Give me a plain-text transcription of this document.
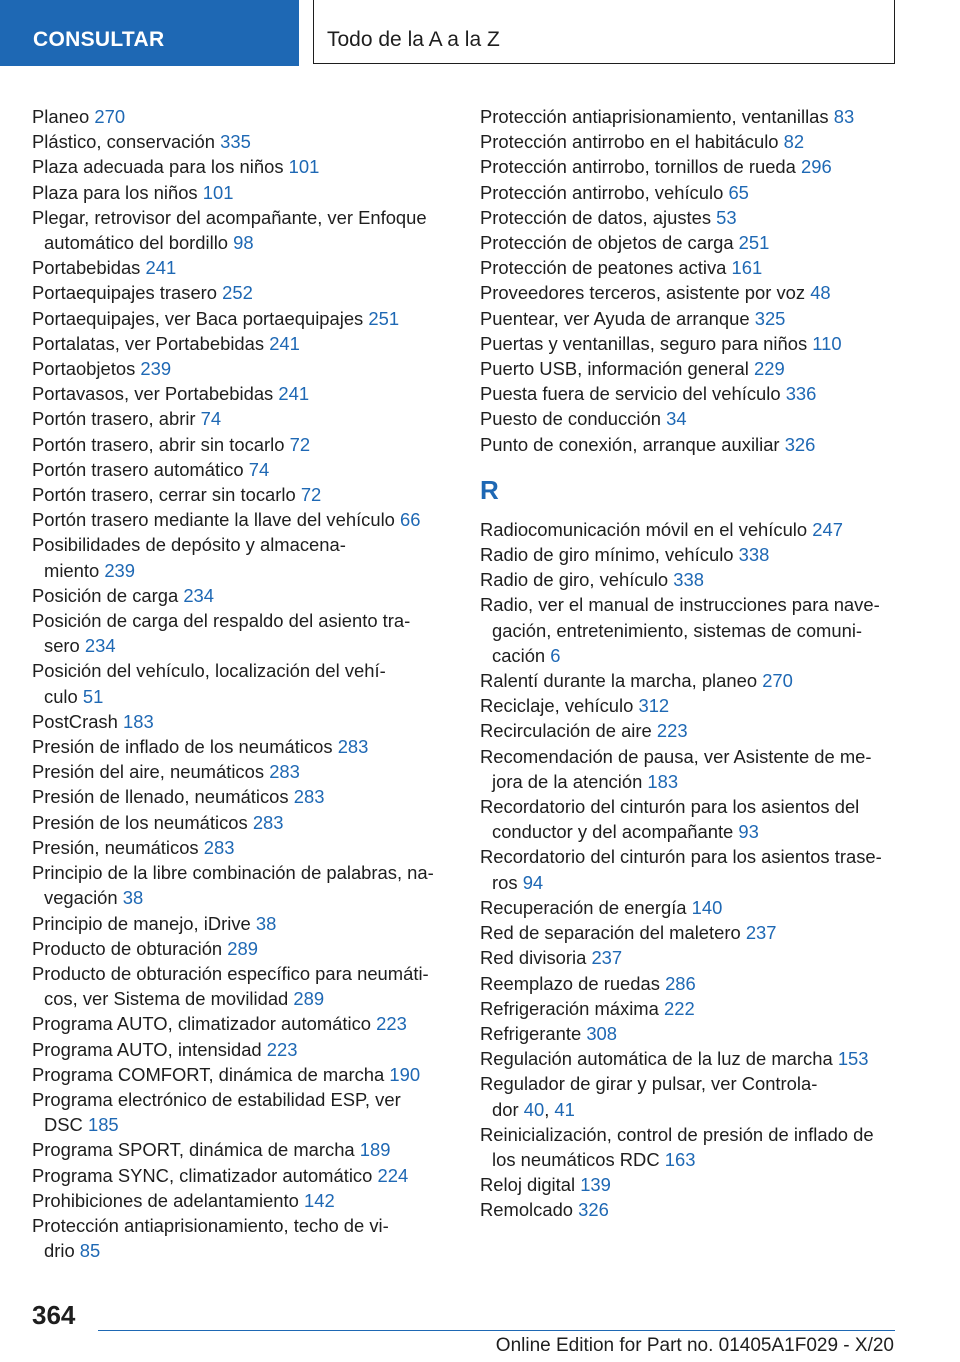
CONSULTAR	Todo de la A a la Z
Planeo 270
Plástico, conservación 335
Plaza adecuada para los niños 101
Plaza para los niños 101
Plegar, retrovisor del acompañante, ver Enfoque
automático del bordillo 98
Portabebidas 241
Portaequipajes trasero 252
Portaequipajes, ver Baca portaequipajes 251
Portalatas, ver Portabebidas 241
Portaobjetos 239
Portavasos, ver Portabebidas 241
Portón trasero, abrir 74
Portón trasero, abrir sin tocarlo 72
Portón trasero automático 74
Portón trasero, cerrar sin tocarlo 72
Portón trasero mediante la llave del vehículo 66
Posibilidades de depósito y almacena-
miento 239
Posición de carga 234
Posición de carga del respaldo del asiento tra-
sero 234
Posición del vehículo, localización del vehí-
culo 51
PostCrash 183
Presión de inflado de los neumáticos 283
Presión del aire, neumáticos 283
Presión de llenado, neumáticos 283
Presión de los neumáticos 283
Presión, neumáticos 283
Principio de la libre combinación de palabras, na-
vegación 38
Principio de manejo, iDrive 38
Producto de obturación 289
Producto de obturación específico para neumáti-
cos, ver Sistema de movilidad 289
Programa AUTO, climatizador automático 223
Programa AUTO, intensidad 223
Programa COMFORT, dinámica de marcha 190
Programa electrónico de estabilidad ESP, ver
DSC 185
Programa SPORT, dinámica de marcha 189
Programa SYNC, climatizador automático 224
Prohibiciones de adelantamiento 142
Protección antiaprisionamiento, techo de vi-
drio 85
Protección antiaprisionamiento, ventanillas 83
Protección antirrobo en el habitáculo 82
Protección antirrobo, tornillos de rueda 296
Protección antirrobo, vehículo 65
Protección de datos, ajustes 53
Protección de objetos de carga 251
Protección de peatones activa 161
Proveedores terceros, asistente por voz 48
Puentear, ver Ayuda de arranque 325
Puertas y ventanillas, seguro para niños 110
Puerto USB, información general 229
Puesta fuera de servicio del vehículo 336
Puesto de conducción 34
Punto de conexión, arranque auxiliar 326
R
Radiocomunicación móvil en el vehículo 247
Radio de giro mínimo, vehículo 338
Radio de giro, vehículo 338
Radio, ver el manual de instrucciones para nave-
gación, entretenimiento, sistemas de comuni-
cación 6
Ralentí durante la marcha, planeo 270
Reciclaje, vehículo 312
Recirculación de aire 223
Recomendación de pausa, ver Asistente de me-
jora de la atención 183
Recordatorio del cinturón para los asientos del
conductor y del acompañante 93
Recordatorio del cinturón para los asientos trase-
ros 94
Recuperación de energía 140
Red de separación del maletero 237
Red divisoria 237
Reemplazo de ruedas 286
Refrigeración máxima 222
Refrigerante 308
Regulación automática de la luz de marcha 153
Regulador de girar y pulsar, ver Controla-
dor 40, 41
Reinicialización, control de presión de inflado de
los neumáticos RDC 163
Reloj digital 139
Remolcado 326
364
Online Edition for Part no. 01405A1F029 - X/20
